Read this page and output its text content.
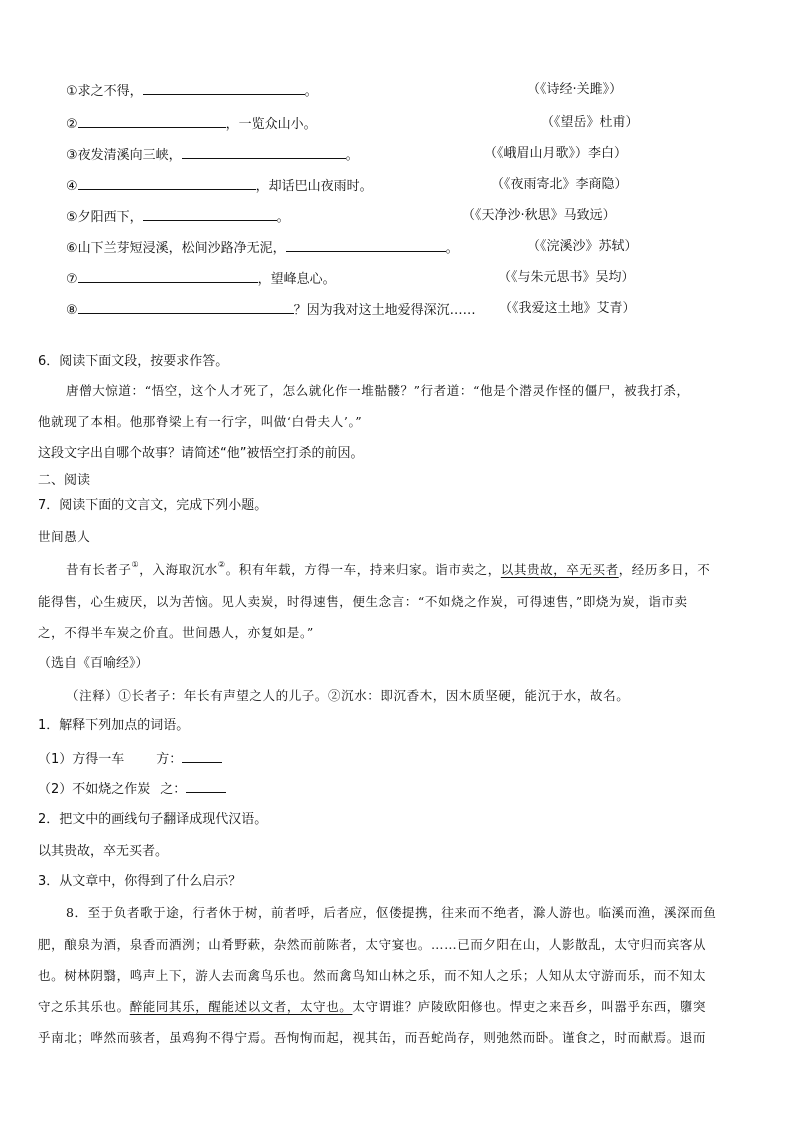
①求之不得，	。	（《诗经·关雎》）
②	，一览众山小。	（《望岳》杜甫）
③夜发清溪向三峡，	。	（《峨眉山月歌》）李白）
④	，却话巴山夜雨时。	（《夜雨寄北》李商隐）
⑤夕阳西下，	。	（《天净沙·秋思》马致远）
⑥山下兰芽短浸溪，松间沙路净无泥，	。	（《浣溪沙》苏轼）
⑦	，望峰息心。	（《与朱元思书》吴均）
⑧	？因为我对这土地爱得深沉…… （《我爱这土地》艾青）
6．阅读下面文段，按要求作答。
唐僧大惊道：“悟空，这个人才死了，怎么就化作一堆骷髅？”行者道：“他是个潜灵作怪的僵尸，被我打杀，
他就现了本相。他那脊梁上有一行字，叫做‘白骨夫人’。”
这段文字出自哪个故事？请简述“他”被悟空打杀的前因。
二、阅读
7．阅读下面的文言文，完成下列小题。
世间愚人
昔有长者子①，入海取沉水②。积有年载，方得一车，持来归家。诣市卖之，以其贵故，卒无买者，经历多日，不
能得售，心生疲厌，以为苦恼。见人卖炭，时得速售，便生念言：“不如烧之作炭，可得速售，”即烧为炭，诣市卖
之，不得半车炭之价直。世间愚人，亦复如是。”
（选自《百喻经》）
（注释）①长者子：年长有声望之人的儿子。②沉水：即沉香木，因木质坚硬，能沉于水，故名。
1．解释下列加点的词语。
（1）方得一车 方：
（2）不如烧之作炭 之：
2．把文中的画线句子翻译成现代汉语。
以其贵故，卒无买者。
3．从文章中，你得到了什么启示？
8．至于负者歌于途，行者休于树，前者呼，后者应，伛偻提携，往来而不绝者，滁人游也。临溪而渔，溪深而鱼
肥，酿泉为酒，泉香而酒洌；山肴野蔌，杂然而前陈者，太守宴也。……已而夕阳在山，人影散乱，太守归而宾客从
也。树林阴翳，鸣声上下，游人去而禽鸟乐也。然而禽鸟知山林之乐，而不知人之乐；人知从太守游而乐，而不知太
守之乐其乐也。醉能同其乐，醒能述以文者，太守也。太守谓谁？庐陵欧阳修也。悍吏之来吾乡，叫嚣乎东西，隳突
乎南北；哗然而骇者，虽鸡狗不得宁焉。吾恂恂而起，视其缶，而吾蛇尚存，则弛然而卧。谨食之，时而献焉。退而
